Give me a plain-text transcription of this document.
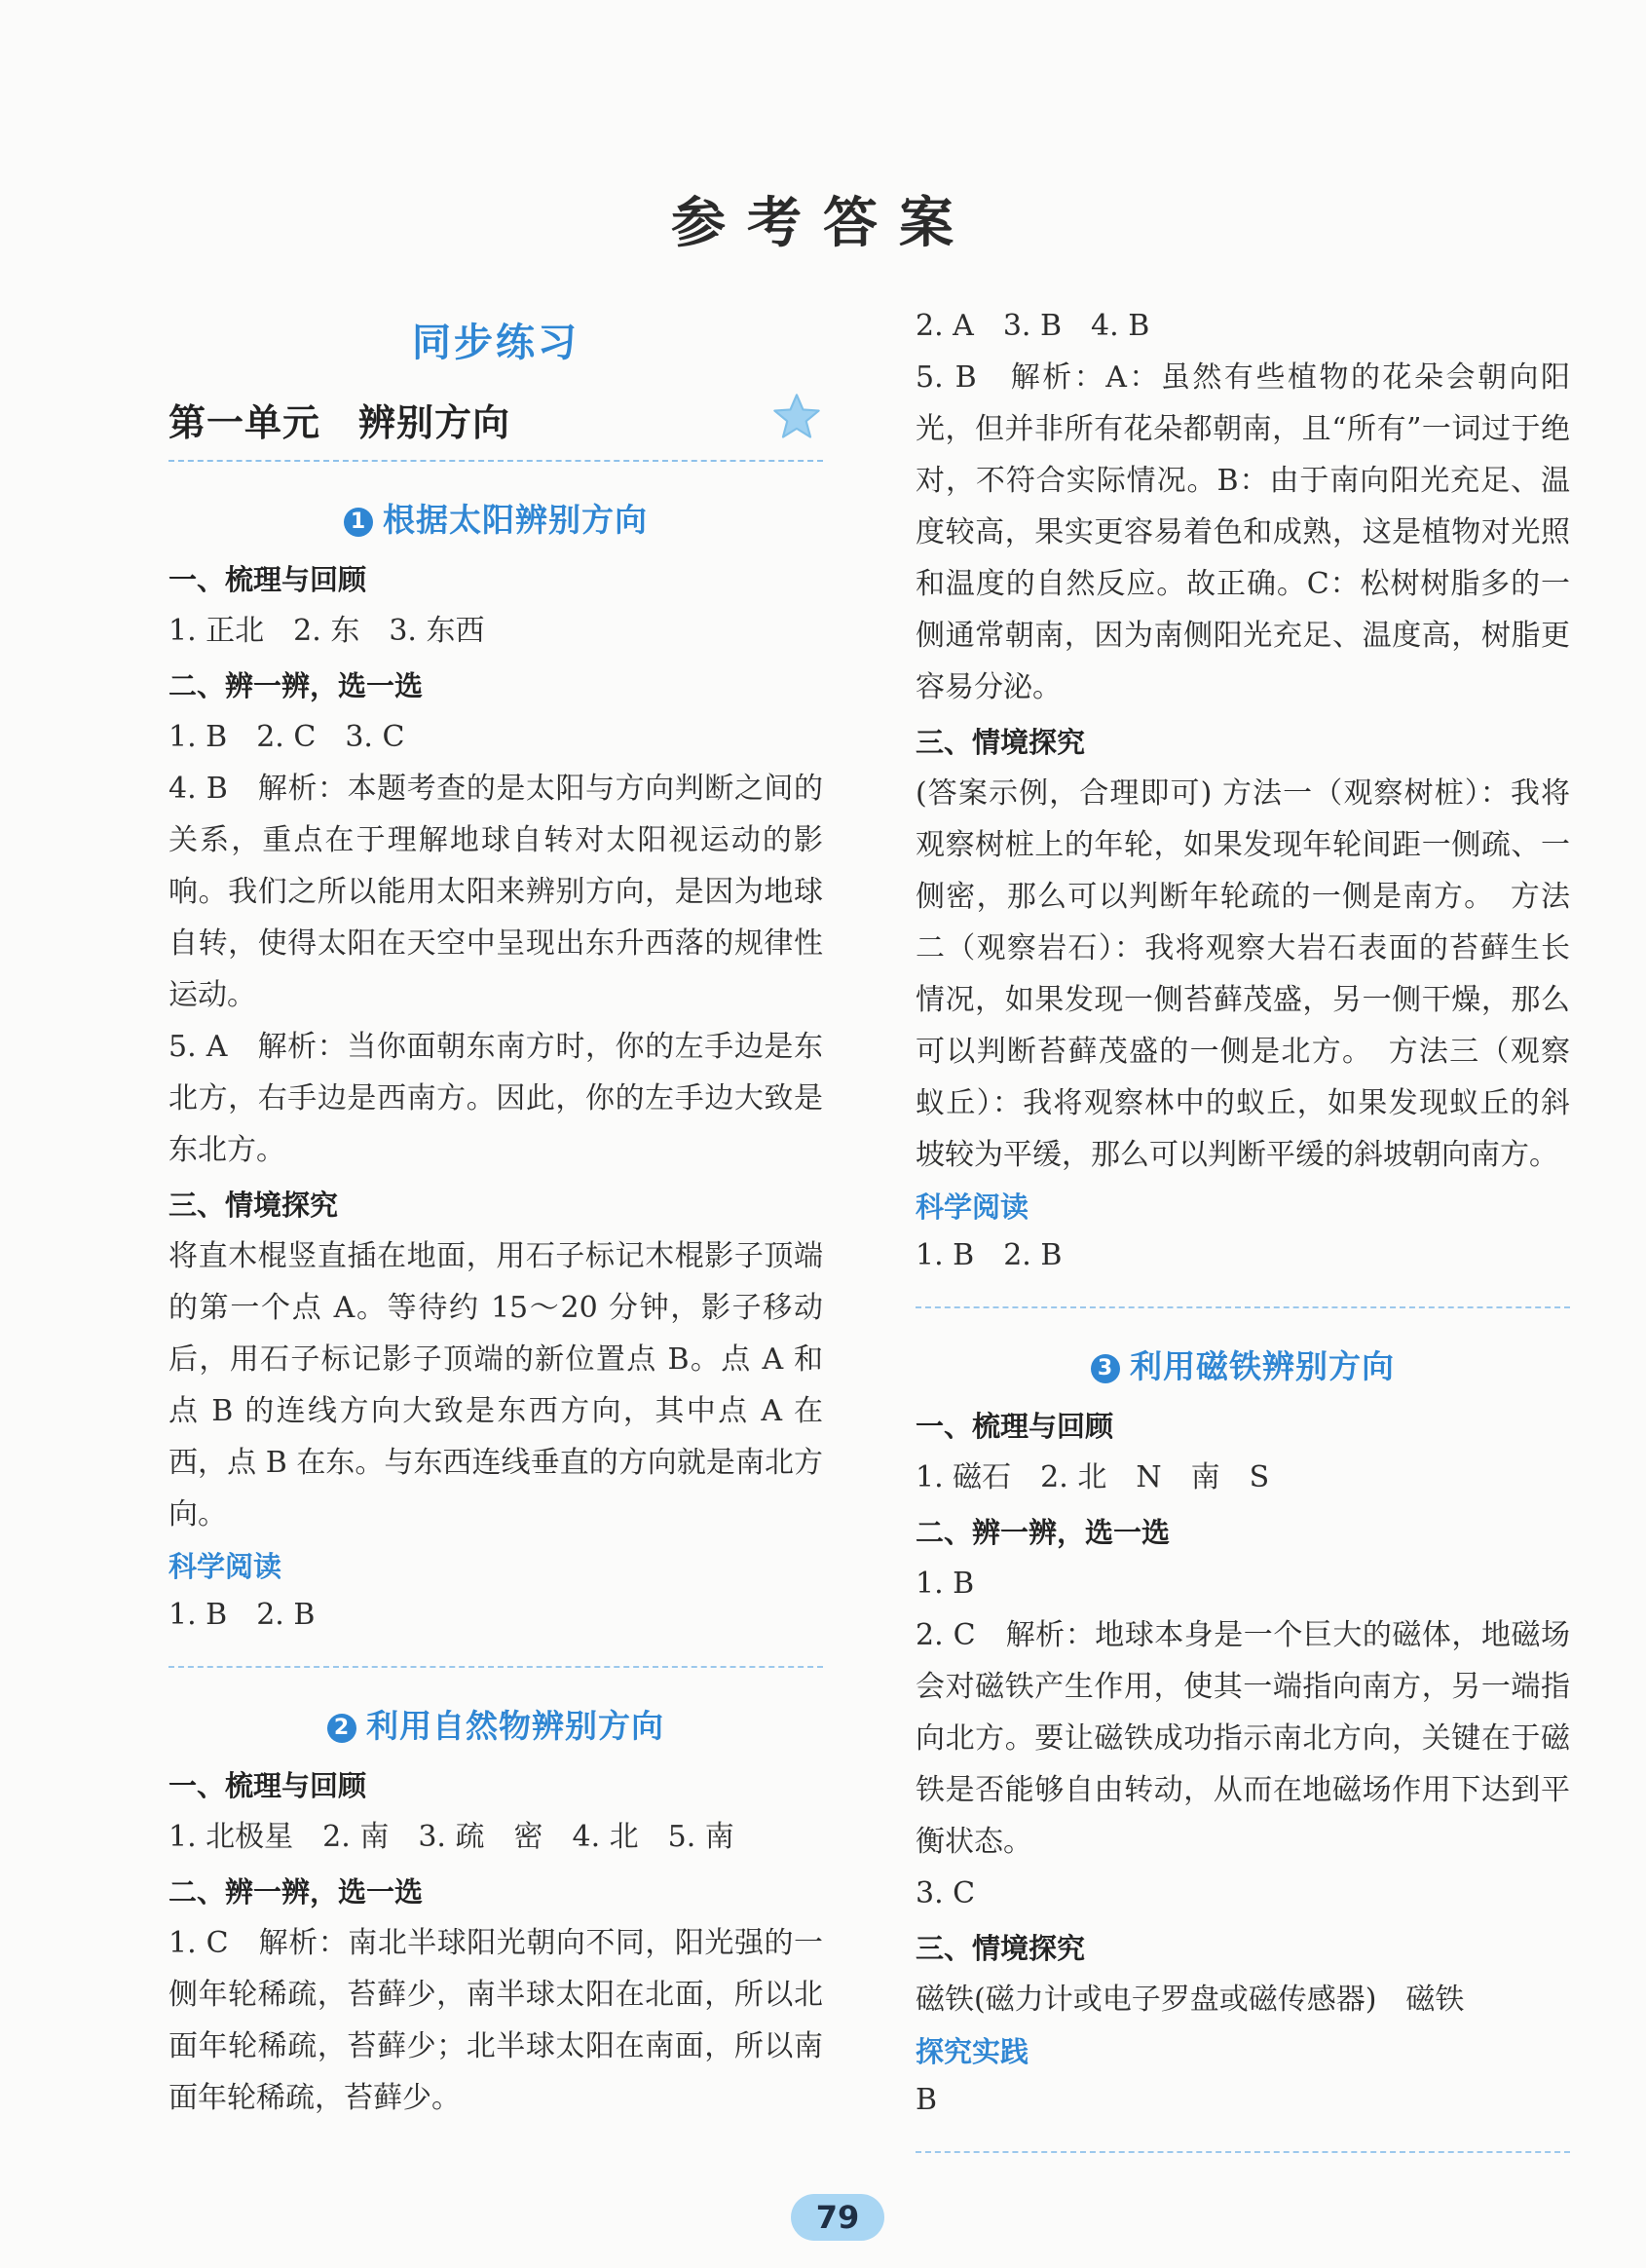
参考答案
同步练习
第一单元　辨别方向
1 根据太阳辨别方向
一、梳理与回顾

1. 正北　2. 东　3. 东西

二、辨一辨，选一选

1. B　2. C　3. C

4. B　解析：本题考查的是太阳与方向判断之间的关系，重点在于理解地球自转对太阳视运动的影响。我们之所以能用太阳来辨别方向，是因为地球自转，使得太阳在天空中呈现出东升西落的规律性运动。

5. A　解析：当你面朝东南方时，你的左手边是东北方，右手边是西南方。因此，你的左手边大致是东北方。

三、情境探究

将直木棍竖直插在地面，用石子标记木棍影子顶端的第一个点 A。等待约 15～20 分钟，影子移动后，用石子标记影子顶端的新位置点 B。点 A 和点 B 的连线方向大致是东西方向，其中点 A 在西，点 B 在东。与东西连线垂直的方向就是南北方向。

科学阅读

1. B　2. B

2 利用自然物辨别方向
一、梳理与回顾

1. 北极星　2. 南　3. 疏　密　4. 北　5. 南

二、辨一辨，选一选

1. C　解析：南北半球阳光朝向不同，阳光强的一侧年轮稀疏，苔藓少，南半球太阳在北面，所以北面年轮稀疏，苔藓少；北半球太阳在南面，所以南面年轮稀疏，苔藓少。

2. A　3. B　4. B

5. B　解析：A：虽然有些植物的花朵会朝向阳光，但并非所有花朵都朝南，且“所有”一词过于绝对，不符合实际情况。B：由于南向阳光充足、温度较高，果实更容易着色和成熟，这是植物对光照和温度的自然反应。故正确。C：松树树脂多的一侧通常朝南，因为南侧阳光充足、温度高，树脂更容易分泌。

三、情境探究

(答案示例，合理即可) 方法一（观察树桩）：我将观察树桩上的年轮，如果发现年轮间距一侧疏、一侧密，那么可以判断年轮疏的一侧是南方。　方法二（观察岩石）：我将观察大岩石表面的苔藓生长情况，如果发现一侧苔藓茂盛，另一侧干燥，那么可以判断苔藓茂盛的一侧是北方。　方法三（观察蚁丘）：我将观察林中的蚁丘，如果发现蚁丘的斜坡较为平缓，那么可以判断平缓的斜坡朝向南方。

科学阅读

1. B　2. B

3 利用磁铁辨别方向
一、梳理与回顾

1. 磁石　2. 北　N　南　S

二、辨一辨，选一选

1. B

2. C　解析：地球本身是一个巨大的磁体，地磁场会对磁铁产生作用，使其一端指向南方，另一端指向北方。要让磁铁成功指示南北方向，关键在于磁铁是否能够自由转动，从而在地磁场作用下达到平衡状态。

3. C

三、情境探究

磁铁(磁力计或电子罗盘或磁传感器)　磁铁

探究实践

B

79
